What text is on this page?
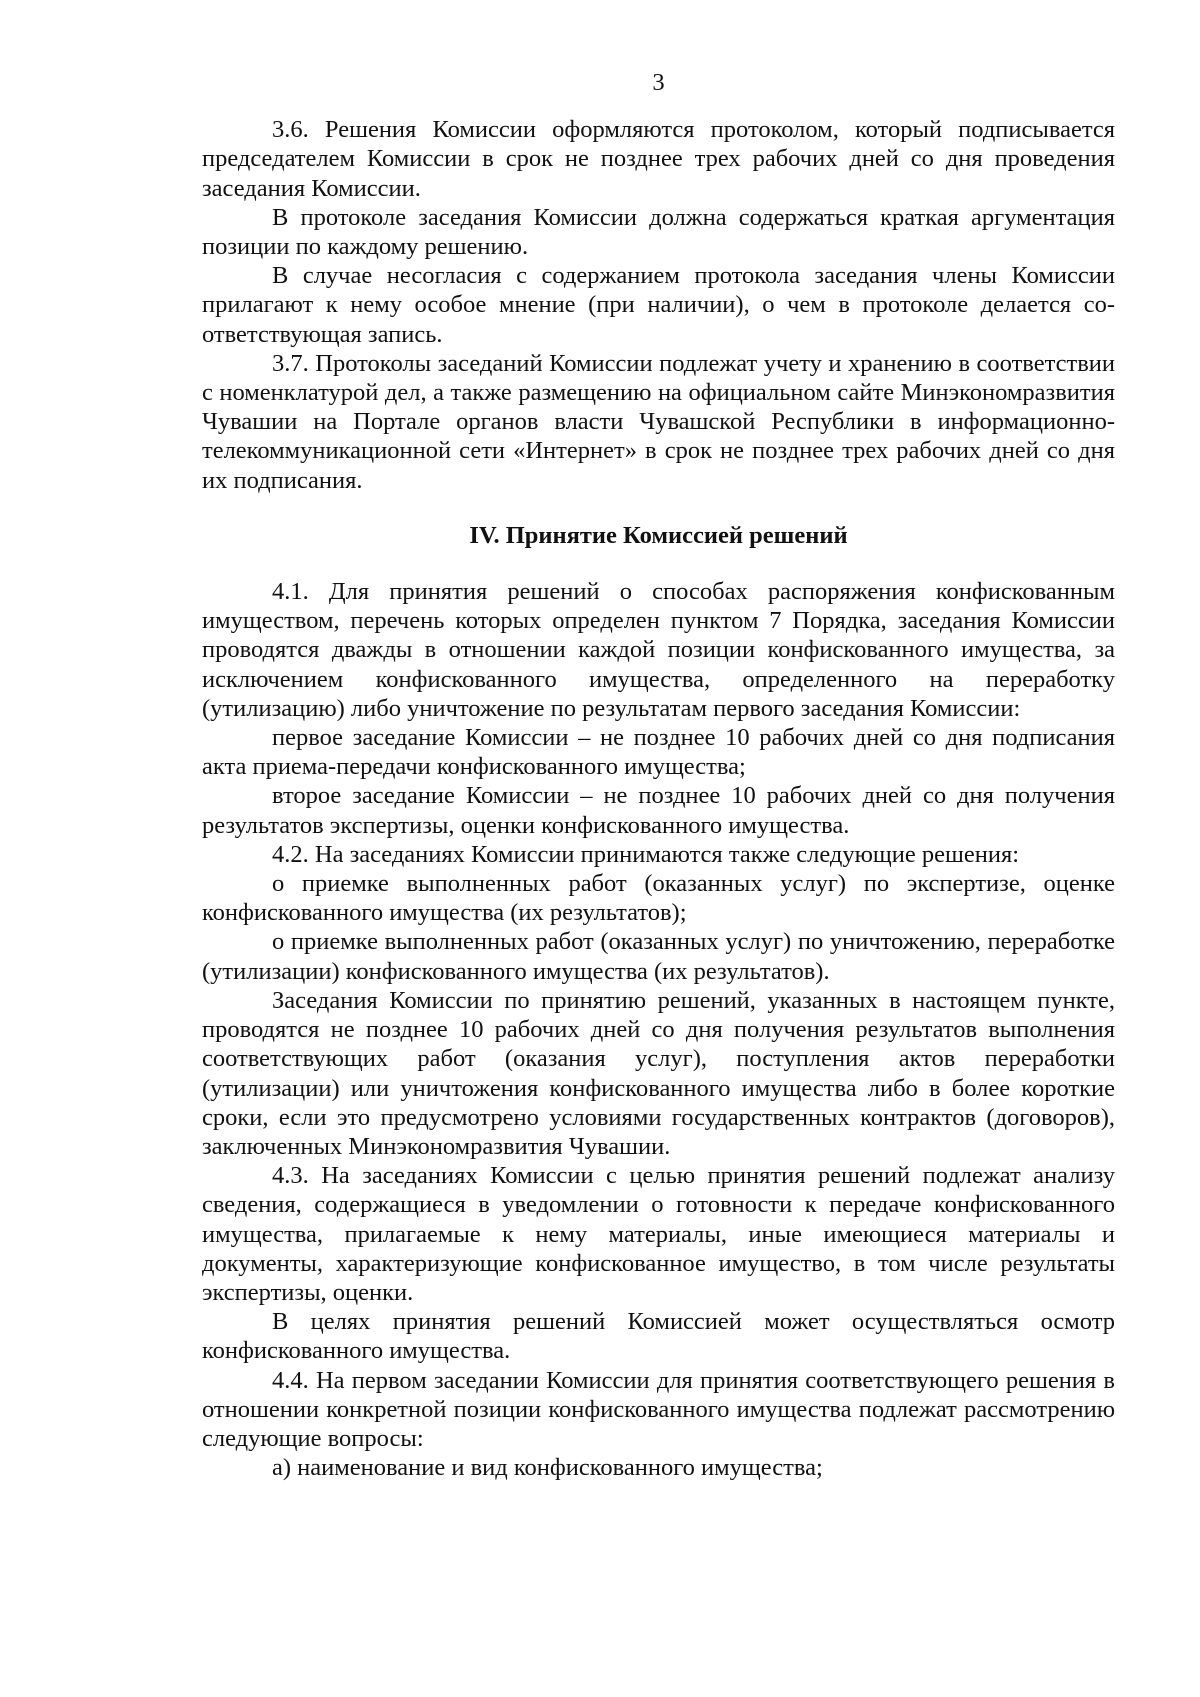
3

3.6. Решения Комиссии оформляются протоколом, который подписывается председателем Комиссии в срок не позднее трех рабочих дней со дня проведения заседания Комиссии.

В протоколе заседания Комиссии должна содержаться краткая аргументация позиции по каждому решению.

В случае несогласия с содержанием протокола заседания члены Комиссии прилагают к нему особое мнение (при наличии), о чем в протоколе делается соответствующая запись.

3.7. Протоколы заседаний Комиссии подлежат учету и хранению в соответствии с номенклатурой дел, а также размещению на официальном сайте Минэкономразвития Чувашии на Портале органов власти Чувашской Республики в информационно-телекоммуникационной сети «Интернет» в срок не позднее трех рабочих дней со дня их подписания.

IV. Принятие Комиссией решений

4.1. Для принятия решений о способах распоряжения конфискованным имуществом, перечень которых определен пунктом 7 Порядка, заседания Комиссии проводятся дважды в отношении каждой позиции конфискованного имущества, за исключением конфискованного имущества, определенного на переработку (утилизацию) либо уничтожение по результатам первого заседания Комиссии:

первое заседание Комиссии – не позднее 10 рабочих дней со дня подписания акта приема-передачи конфискованного имущества;

второе заседание Комиссии – не позднее 10 рабочих дней со дня получения результатов экспертизы, оценки конфискованного имущества.

4.2. На заседаниях Комиссии принимаются также следующие решения:

о приемке выполненных работ (оказанных услуг) по экспертизе, оценке конфискованного имущества (их результатов);

о приемке выполненных работ (оказанных услуг) по уничтожению, переработке (утилизации) конфискованного имущества (их результатов).

Заседания Комиссии по принятию решений, указанных в настоящем пункте, проводятся не позднее 10 рабочих дней со дня получения результатов выполнения соответствующих работ (оказания услуг), поступления актов переработки (утилизации) или уничтожения конфискованного имущества либо в более короткие сроки, если это предусмотрено условиями государственных контрактов (договоров), заключенных Минэкономразвития Чувашии.

4.3. На заседаниях Комиссии с целью принятия решений подлежат анализу сведения, содержащиеся в уведомлении о готовности к передаче конфискованного имущества, прилагаемые к нему материалы, иные имеющиеся материалы и документы, характеризующие конфискованное имущество, в том числе результаты экспертизы, оценки.

В целях принятия решений Комиссией может осуществляться осмотр конфискованного имущества.

4.4. На первом заседании Комиссии для принятия соответствующего решения в отношении конкретной позиции конфискованного имущества подлежат рассмотрению следующие вопросы:

а) наименование и вид конфискованного имущества;
